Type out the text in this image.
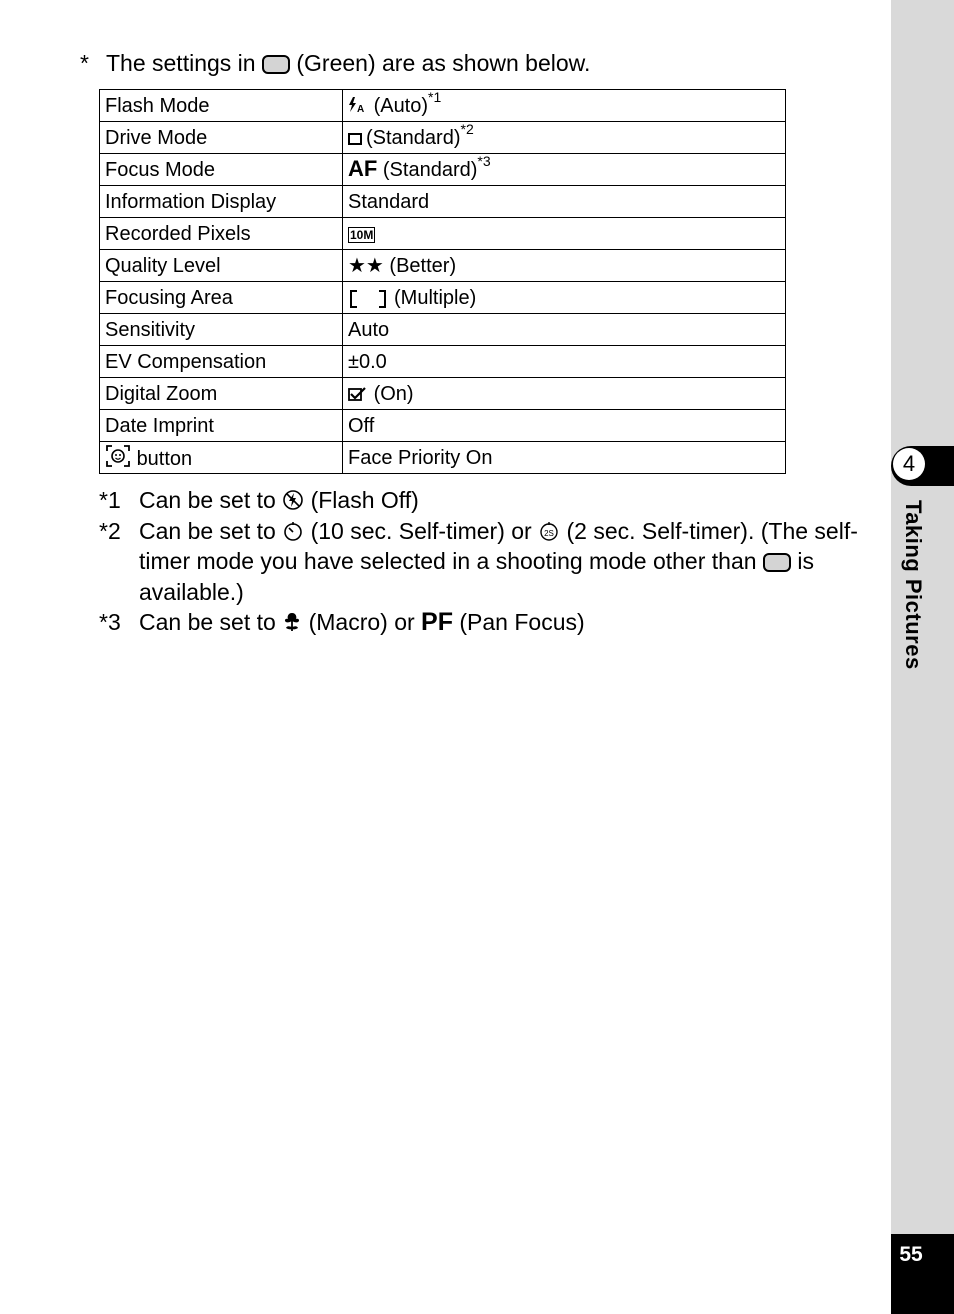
4
Taking Pictures
55
* The settings in (Green) are as shown below.
Flash Mode	A (Auto)$^{*1}$
Drive Mode	(Standard)$^{*2}$
Focus Mode	AF (Standard)$^{*3}$
Information Display	Standard
Recorded Pixels	10M
Quality Level	★★ (Better)
Focusing Area	(Multiple)
Sensitivity	Auto
EV Compensation	±0.0
Digital Zoom	(On)
Date Imprint	Off
button	Face Priority On
*1 Can be set to (Flash Off)
*2 Can be set to (10 sec. Self-timer) or 2S (2 sec. Self-timer). (The self-timer mode you have selected in a shooting mode other than is available.)
*3 Can be set to (Macro) or PF (Pan Focus)
